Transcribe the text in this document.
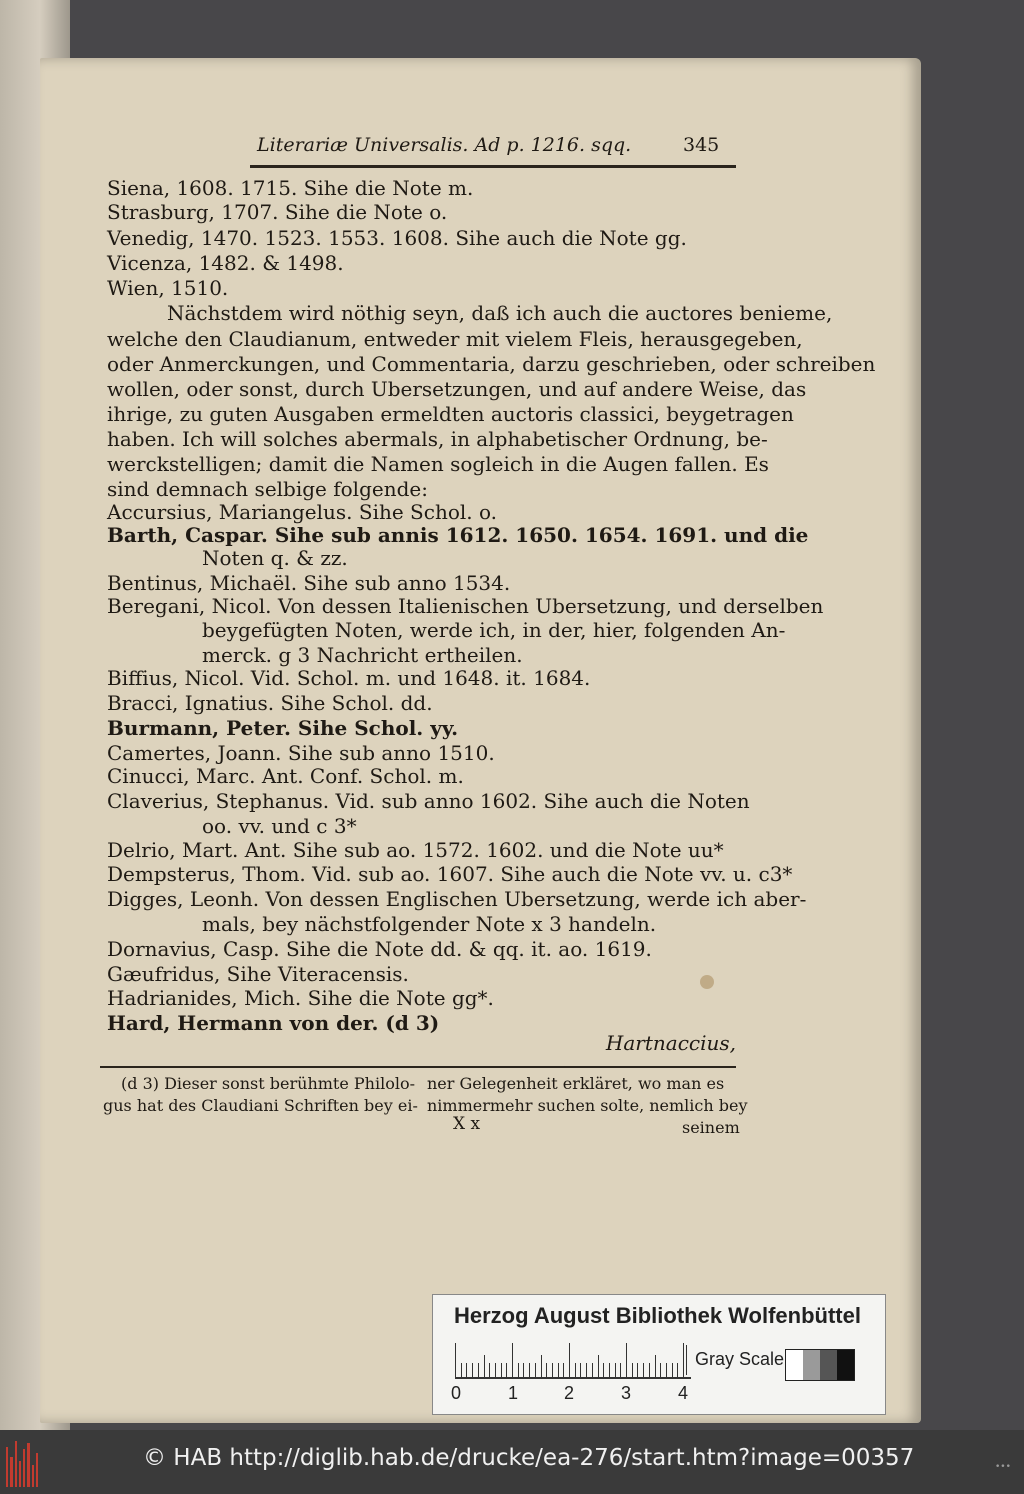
Literariæ Universalis. Ad p. 1216. sqq.	345
Siena, 1608. 1715. Sihe die Note m.
Strasburg, 1707. Sihe die Note o.
Venedig, 1470. 1523. 1553. 1608. Sihe auch die Note gg.
Vicenza, 1482. & 1498.
Wien, 1510.
Nächstdem wird nöthig seyn, daß ich auch die auctores benieme,
welche den Claudianum, entweder mit vielem Fleis, herausgegeben,
oder Anmerckungen, und Commentaria, darzu geschrieben, oder schreiben
wollen, oder sonst, durch Ubersetzungen, und auf andere Weise, das
ihrige, zu guten Ausgaben ermeldten auctoris classici, beygetragen
haben. Ich will solches abermals, in alphabetischer Ordnung, be-
werckstelligen; damit die Namen sogleich in die Augen fallen. Es
sind demnach selbige folgende:
Accursius, Mariangelus. Sihe Schol. o.
Barth, Caspar. Sihe sub annis 1612. 1650. 1654. 1691. und die
Noten q. & zz.
Bentinus, Michaël. Sihe sub anno 1534.
Beregani, Nicol. Von dessen Italienischen Ubersetzung, und derselben
beygefügten Noten, werde ich, in der, hier, folgenden An-
merck. g 3 Nachricht ertheilen.
Biffius, Nicol. Vid. Schol. m. und 1648. it. 1684.
Bracci, Ignatius. Sihe Schol. dd.
Burmann, Peter. Sihe Schol. yy.
Camertes, Joann. Sihe sub anno 1510.
Cinucci, Marc. Ant. Conf. Schol. m.
Claverius, Stephanus. Vid. sub anno 1602. Sihe auch die Noten
oo. vv. und c 3*
Delrio, Mart. Ant. Sihe sub ao. 1572. 1602. und die Note uu*
Dempsterus, Thom. Vid. sub ao. 1607. Sihe auch die Note vv. u. c3*
Digges, Leonh. Von dessen Englischen Ubersetzung, werde ich aber-
mals, bey nächstfolgender Note x 3 handeln.
Dornavius, Casp. Sihe die Note dd. & qq. it. ao. 1619.
Gæufridus, Sihe Viteracensis.
Hadrianides, Mich. Sihe die Note gg*.
Hard, Hermann von der. (d 3)
Hartnaccius,
(d 3) Dieser sonst berühmte Philolo-
gus hat des Claudiani Schriften bey ei-
ner Gelegenheit erkläret, wo man es
nimmermehr suchen solte, nemlich bey
seinem
X x
Herzog August Bibliothek Wolfenbüttel
0	1	2	3	4
Gray Scale
© HAB http://diglib.hab.de/drucke/ea-276/start.htm?image=00357	•••
